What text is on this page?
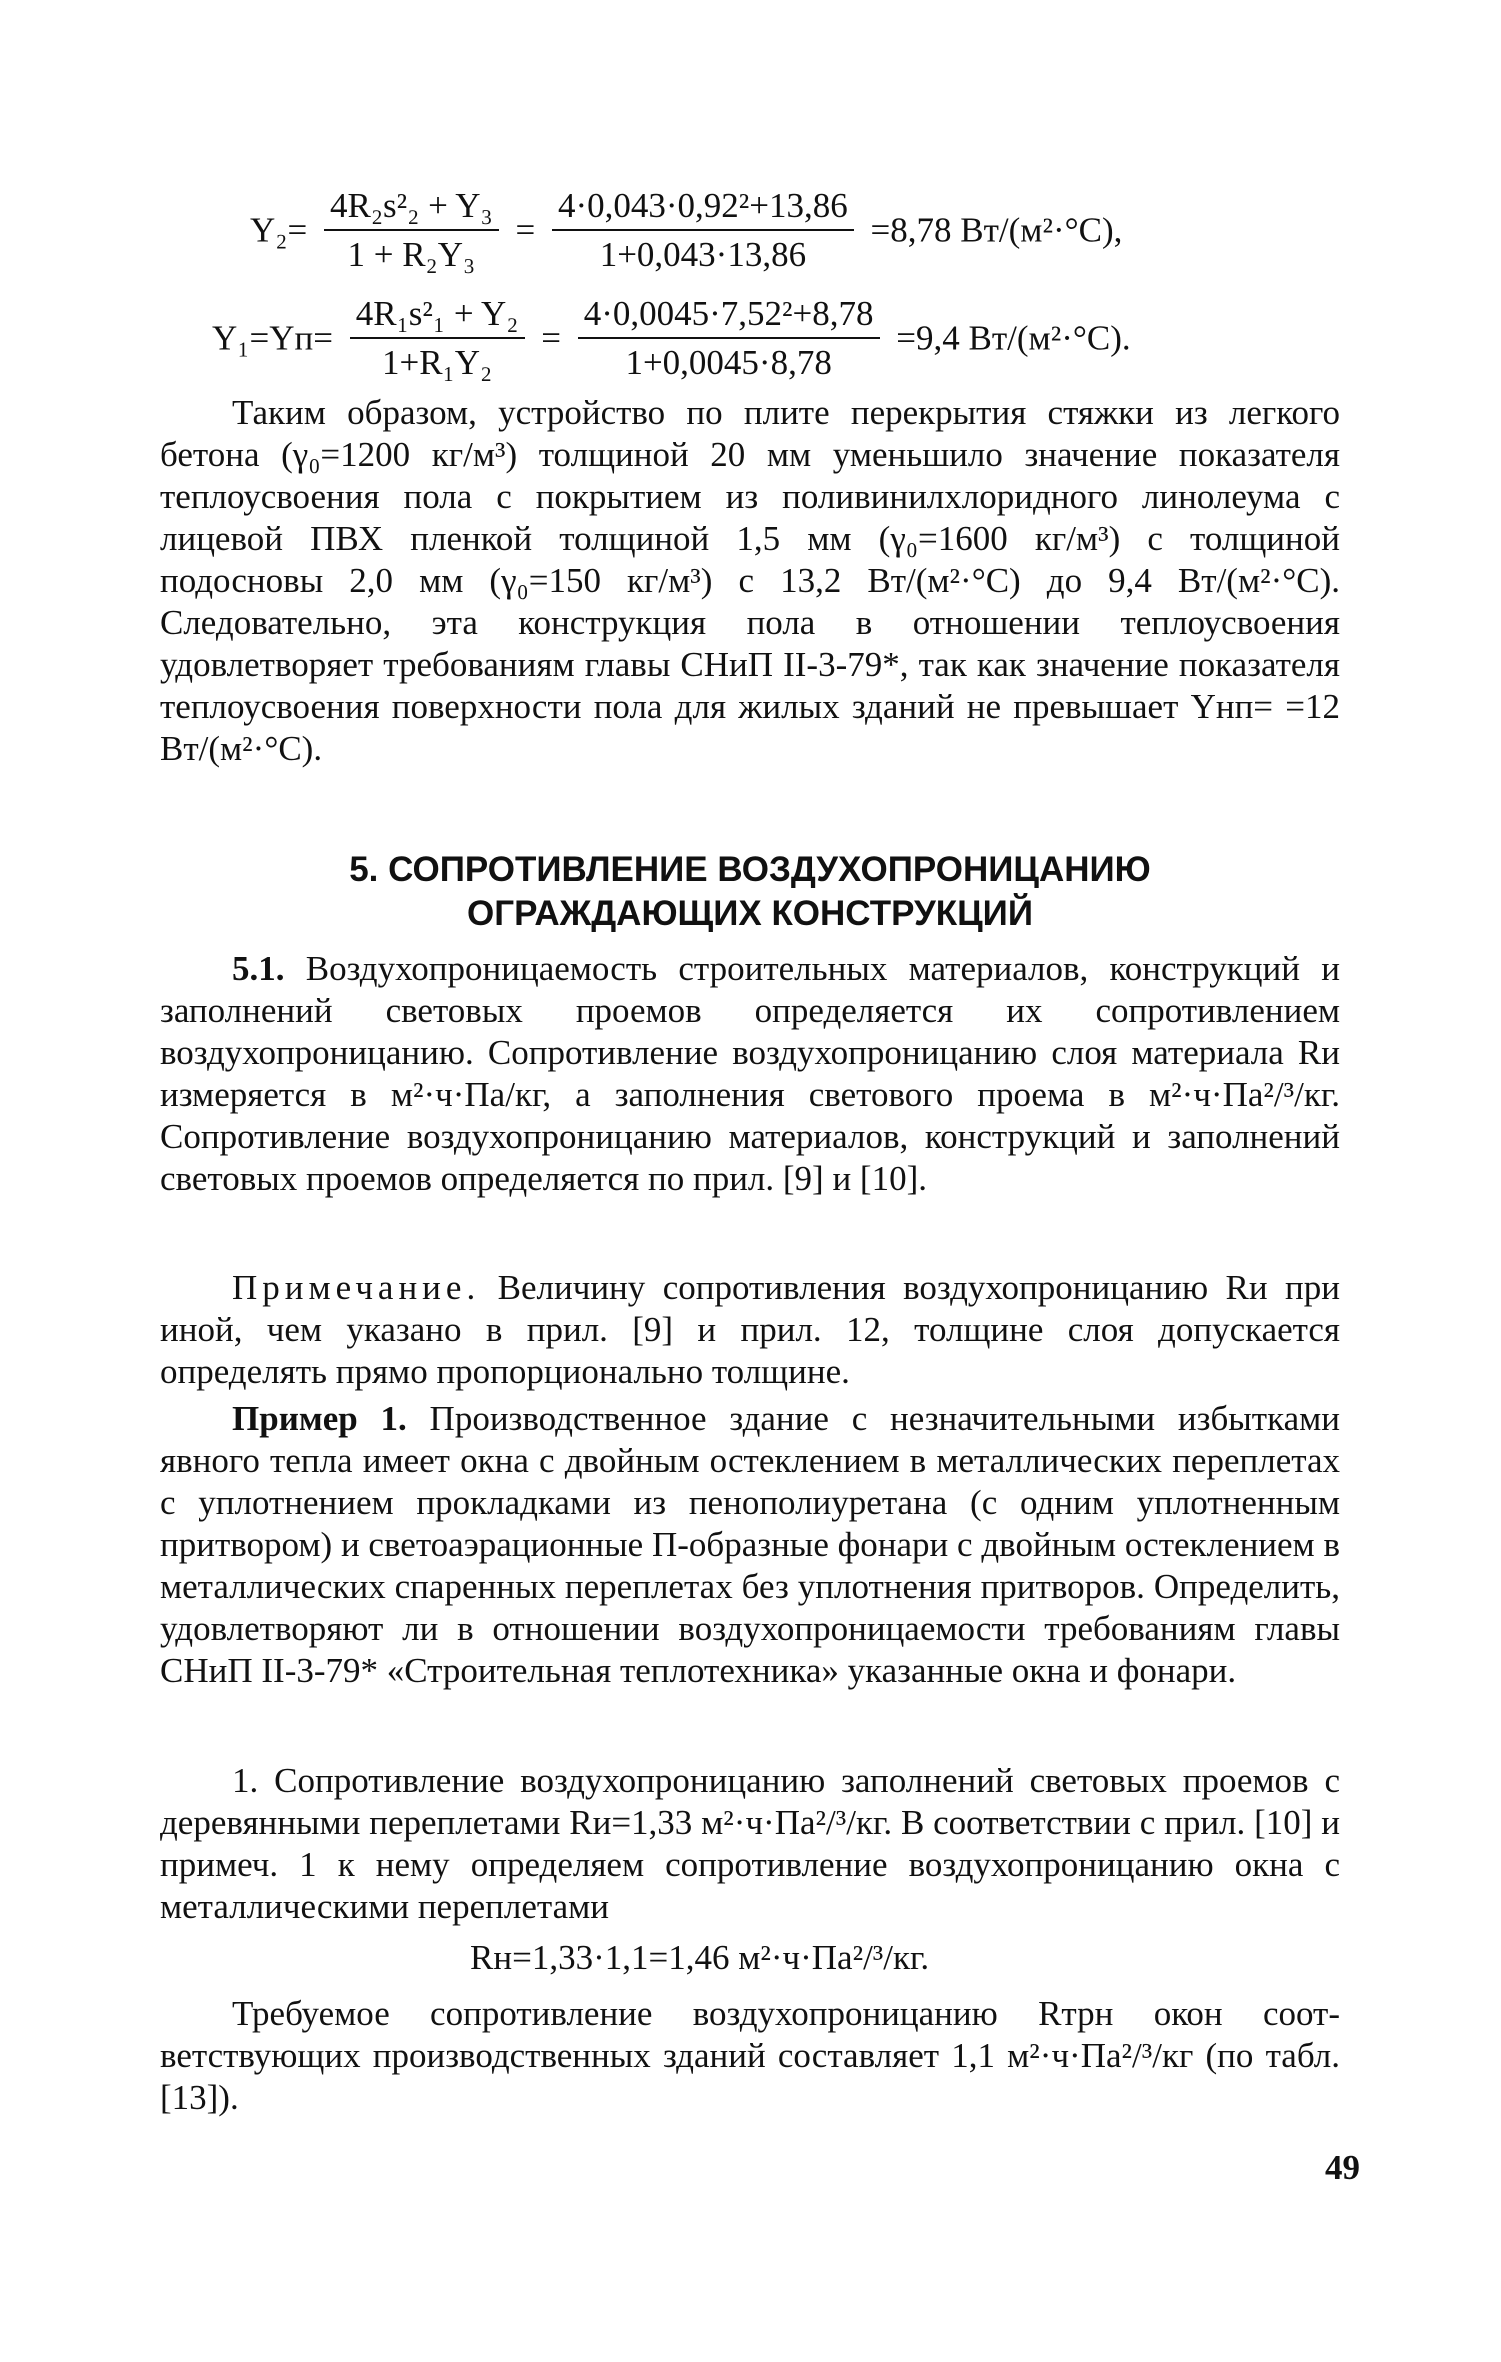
$Y_2= \frac{\text{4R₂s²₂ + Y₃}}{\text{1 + R₂Y₃}} = \frac{\text{4·0,043·0,92²+13,86}}{1+0,043\cdot 13,86} =8,78$ Вт/(м²·°С),
$Y_1=Yп= \frac{\text{4R₁s²₁ + Y₂}}{\text{1+R₁Y₂}} = \frac{\text{4·0,0045·7,52²+8,78}}{1+0,0045\cdot 8,78} =9,4$ Вт/(м²·°С).

Таким образом, устройство по плите перекрытия стяжки из легкого бетона (γ₀=1200 кг/м³) толщиной 20 мм уменьшило значение показателя теплоусвоения пола с покрытием из поливинилхлоридного линолеума с лицевой ПВХ пленкой толщиной 1,5 мм (γ₀=1600 кг/м³) с толщиной подосновы 2,0 мм (γ₀=150 кг/м³) с 13,2 Вт/(м²·°С) до 9,4 Вт/(м²·°С). Следовательно, эта конструкция пола в отношении теплоусвоения удовлетворяет требованиям главы СНиП II-3-79*, так как значение показателя теплоусвоения поверхности пола для жилых зданий не превышает Yнп= =12 Вт/(м²·°С).

5. СОПРОТИВЛЕНИЕ ВОЗДУХОПРОНИЦАНИЮ
ОГРАЖДАЮЩИХ КОНСТРУКЦИЙ

5.1. Воздухопроницаемость строительных материалов, конструкций и заполнений световых проемов определяется их сопротивлением воздухопроницанию. Сопротивление воздухопроницанию слоя материала Rи измеряется в м²·ч·Па/кг, а заполнения светового проема в м²·ч·Па²/³/кг. Сопротивление воздухопроницанию материалов, конструкций и заполнений световых проемов определяется по прил. [9] и [10].

Примечание. Величину сопротивления воздухопроницанию Rи при иной, чем указано в прил. [9] и прил. 12, толщине слоя допускается определять прямо пропорционально толщине.

Пример 1. Производственное здание с незначительными избытками явного тепла имеет окна с двойным остеклением в металлических переплетах с уплотнением прокладками из пенополиуретана (с одним уплотненным притвором) и светоаэрационные П-образные фонари с двойным остеклением в металлических спаренных переплетах без уплотнения притворов. Определить, удовлетворяют ли в отношении воздухопроницаемости требованиям главы СНиП II-3-79* «Строительная теплотехника» указанные окна и фонари.

1. Сопротивление воздухопроницанию заполнений световых проемов с деревянными переплетами Rи=1,33 м²·ч·Па²/³/кг. В соответствии с прил. [10] и примеч. 1 к нему определяем сопротивление воздухопроницанию окна с металлическими переплетами

Rн=1,33·1,1=1,46 м²·ч·Па²/³/кг.

Требуемое сопротивление воздухопроницанию Rтрн окон соот- ветствующих производственных зданий составляет 1,1 м²·ч·Па²/³/кг (по табл. [13]).

49
